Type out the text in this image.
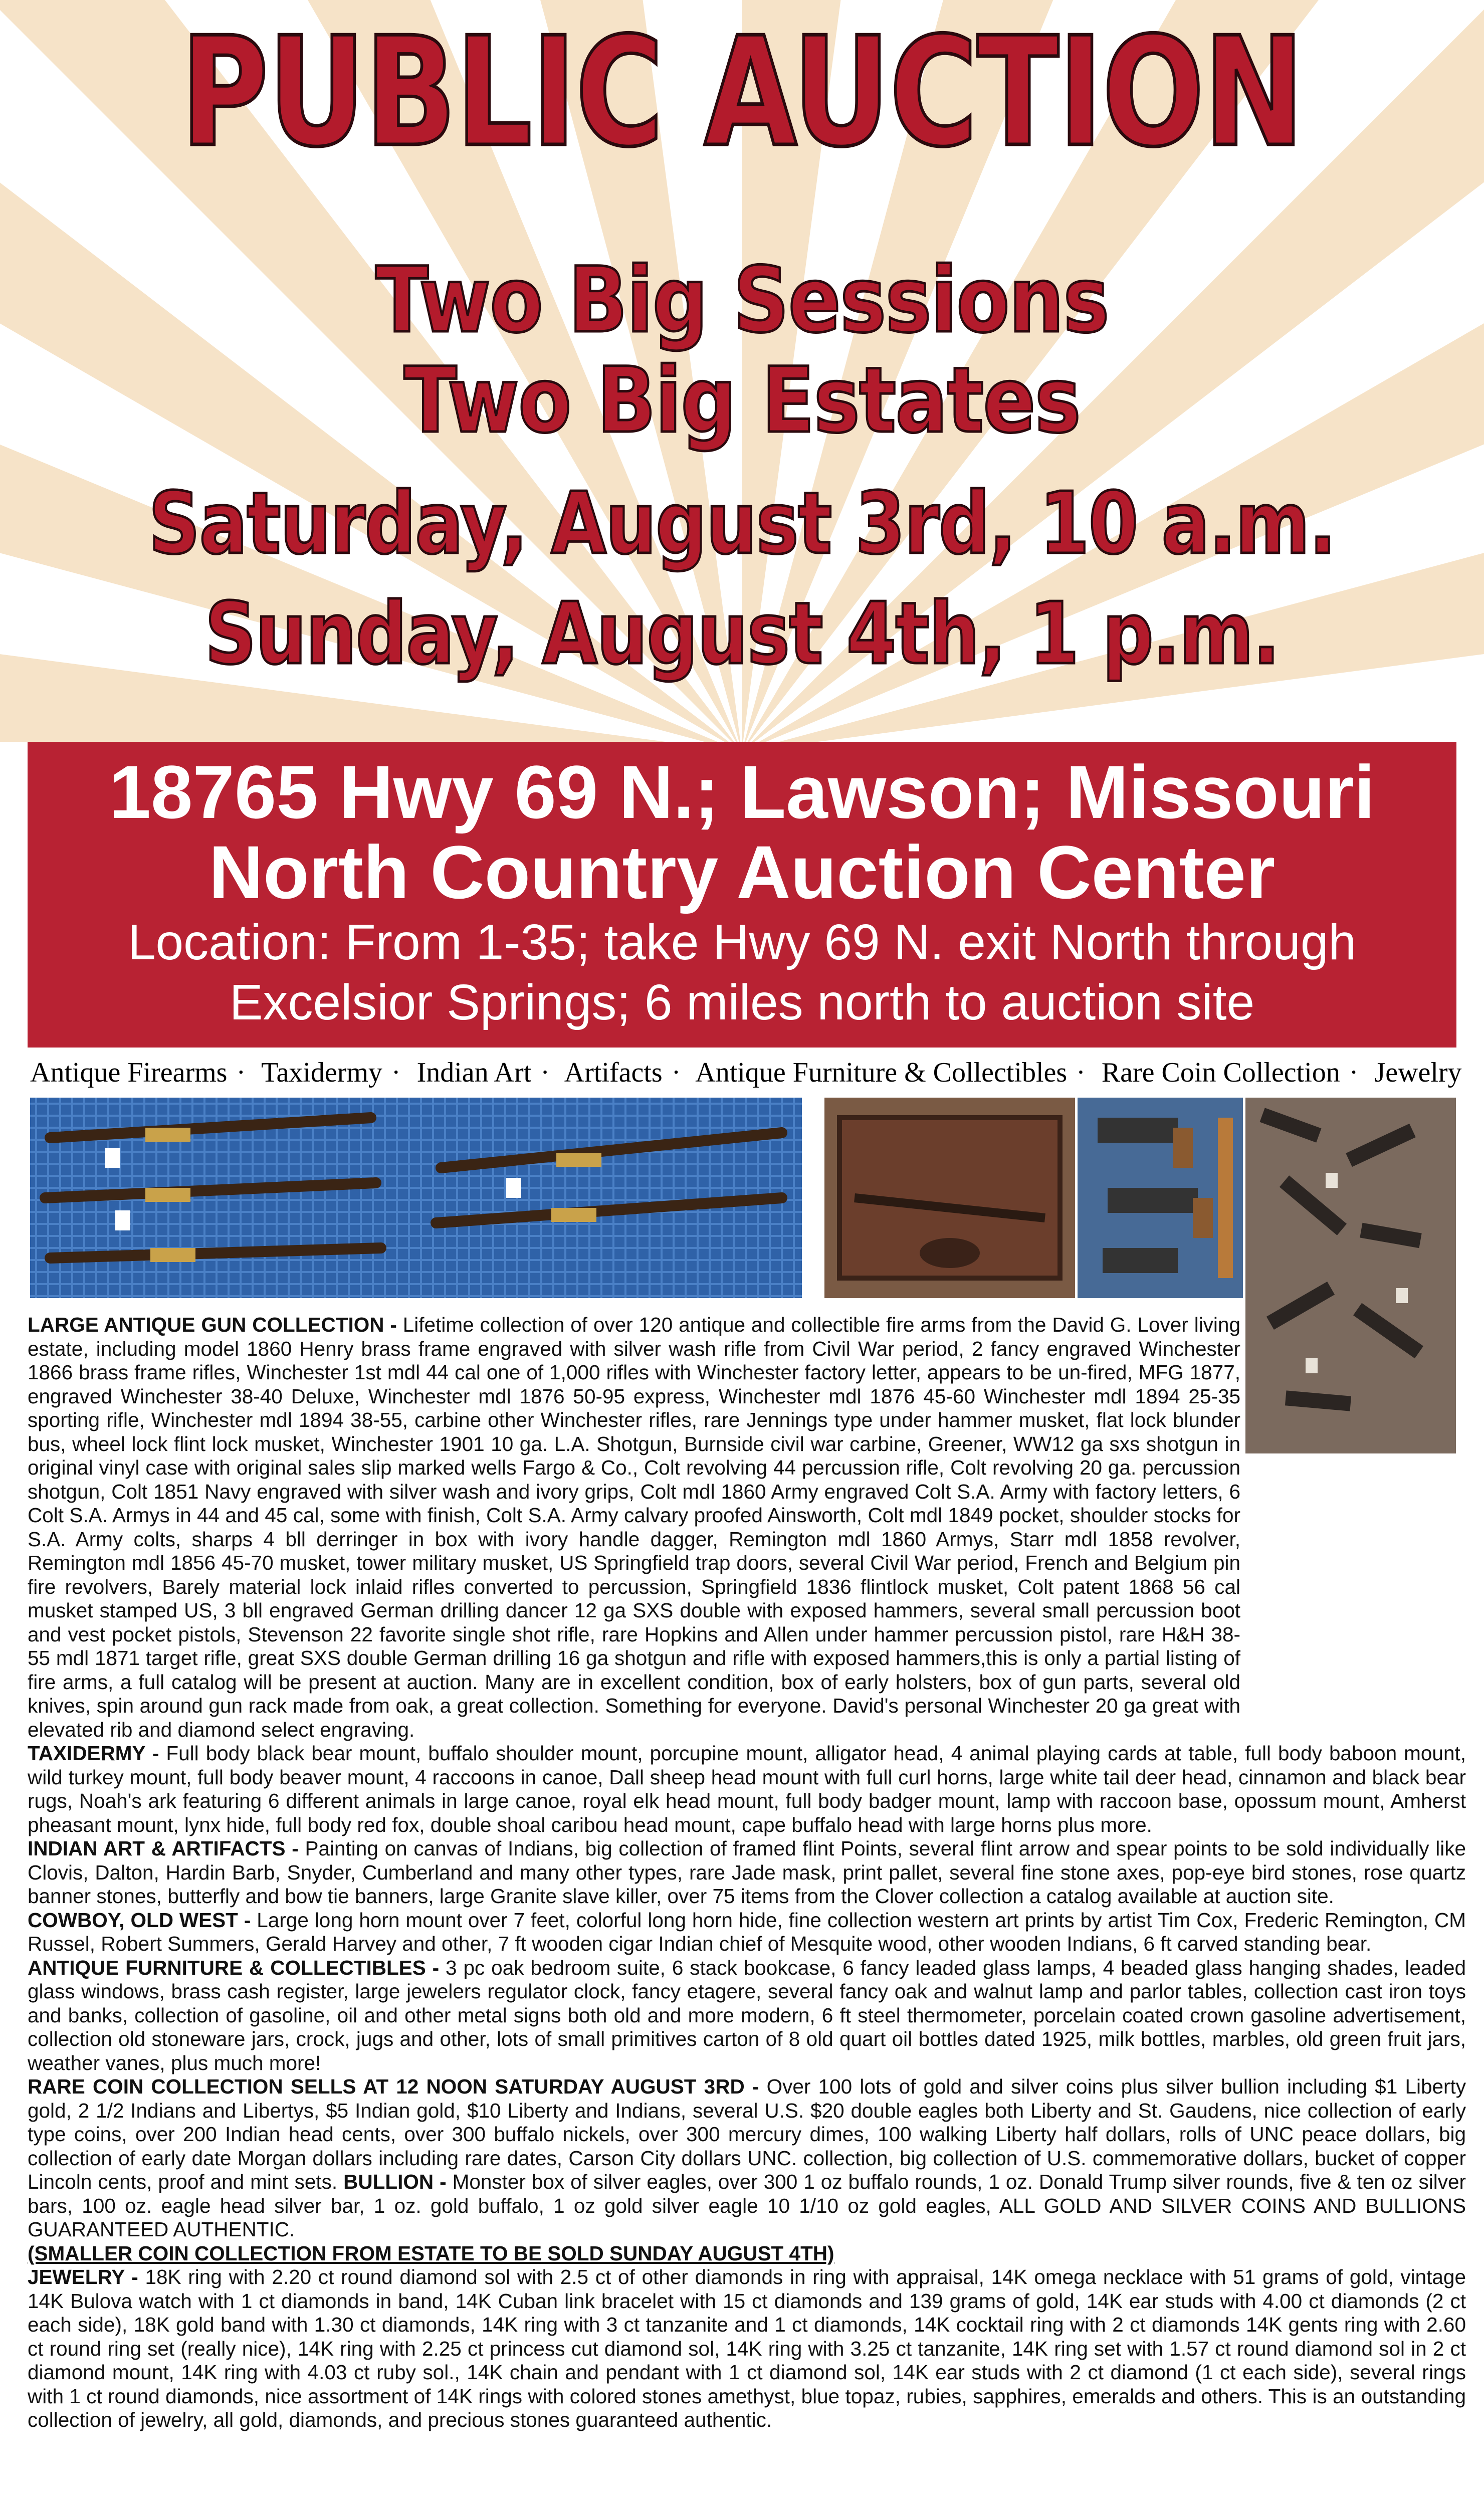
PUBLIC AUCTION
Two Big Sessions
Two Big Estates
Saturday, August 3rd, 10 a.m.
Sunday, August 4th, 1 p.m.
18765 Hwy 69 N.; Lawson; Missouri
North Country Auction Center
Location: From 1-35; take Hwy 69 N. exit North through
Excelsior Springs; 6 miles north to auction site
Antique Firearms · Taxidermy · Indian Art · Artifacts · Antique Furniture & Collectibles · Rare Coin Collection · Jewelry

LARGE ANTIQUE GUN COLLECTION - Lifetime collection of over 120 antique and collectible fire arms from the David G. Lover living estate, including model 1860 Henry brass frame engraved with silver wash rifle from Civil War period, 2 fancy engraved Winchester 1866 brass frame rifles, Winchester 1st mdl 44 cal one of 1,000 rifles with Winchester factory letter, appears to be un-fired, MFG 1877, engraved Winchester 38-40 Deluxe, Winchester mdl 1876 50-95 express, Winchester mdl 1876 45-60 Winchester mdl 1894 25-35 sporting rifle, Winchester mdl 1894 38-55, carbine other Winchester rifles, rare Jennings type under hammer musket, flat lock blunder bus, wheel lock flint lock musket, Winchester 1901 10 ga. L.A. Shotgun, Burnside civil war carbine, Greener, WW12 ga sxs shotgun in original vinyl case with original sales slip marked wells Fargo & Co., Colt revolving 44 percussion rifle, Colt revolving 20 ga. percussion shotgun, Colt 1851 Navy engraved with silver wash and ivory grips, Colt mdl 1860 Army engraved Colt S.A. Army with factory letters, 6 Colt S.A. Armys in 44 and 45 cal, some with finish, Colt S.A. Army calvary proofed Ainsworth, Colt mdl 1849 pocket, shoulder stocks for S.A. Army colts, sharps 4 bll derringer in box with ivory handle dagger, Remington mdl 1860 Armys, Starr mdl 1858 revolver, Remington mdl 1856 45-70 musket, tower military musket, US Springfield trap doors, several Civil War period, French and Belgium pin fire revolvers, Barely material lock inlaid rifles converted to percussion, Springfield 1836 flintlock musket, Colt patent 1868 56 cal musket stamped US, 3 bll engraved German drilling dancer 12 ga SXS double with exposed hammers, several small percussion boot and vest pocket pistols, Stevenson 22 favorite single shot rifle, rare Hopkins and Allen under hammer percussion pistol, rare H&H 38-55 mdl 1871 target rifle, great SXS double German drilling 16 ga shotgun and rifle with exposed hammers,this is only a partial listing of fire arms, a full catalog will be present at auction. Many are in excellent condition, box of early holsters, box of gun parts, several old knives, spin around gun rack made from oak, a great collection. Something for everyone. David's personal Winchester 20 ga great with elevated rib and diamond select engraving.

TAXIDERMY - Full body black bear mount, buffalo shoulder mount, porcupine mount, alligator head, 4 animal playing cards at table, full body baboon mount, wild turkey mount, full body beaver mount, 4 raccoons in canoe, Dall sheep head mount with full curl horns, large white tail deer head, cinnamon and black bear rugs, Noah's ark featuring 6 different animals in large canoe, royal elk head mount, full body badger mount, lamp with raccoon base, opossum mount, Amherst pheasant mount, lynx hide, full body red fox, double shoal caribou head mount, cape buffalo head with large horns plus more.

INDIAN ART & ARTIFACTS - Painting on canvas of Indians, big collection of framed flint Points, several flint arrow and spear points to be sold individually like Clovis, Dalton, Hardin Barb, Snyder, Cumberland and many other types, rare Jade mask, print pallet, several fine stone axes, pop-eye bird stones, rose quartz banner stones, butterfly and bow tie banners, large Granite slave killer, over 75 items from the Clover collection a catalog available at auction site.

COWBOY, OLD WEST - Large long horn mount over 7 feet, colorful long horn hide, fine collection western art prints by artist Tim Cox, Frederic Remington, CM Russel, Robert Summers, Gerald Harvey and other, 7 ft wooden cigar Indian chief of Mesquite wood, other wooden Indians, 6 ft carved standing bear.

ANTIQUE FURNITURE & COLLECTIBLES - 3 pc oak bedroom suite, 6 stack bookcase, 6 fancy leaded glass lamps, 4 beaded glass hanging shades, leaded glass windows, brass cash register, large jewelers regulator clock, fancy etagere, several fancy oak and walnut lamp and parlor tables, collection cast iron toys and banks, collection of gasoline, oil and other metal signs both old and more modern, 6 ft steel thermometer, porcelain coated crown gasoline advertisement, collection old stoneware jars, crock, jugs and other, lots of small primitives carton of 8 old quart oil bottles dated 1925, milk bottles, marbles, old green fruit jars, weather vanes, plus much more!

RARE COIN COLLECTION SELLS AT 12 NOON SATURDAY AUGUST 3RD - Over 100 lots of gold and silver coins plus silver bullion including $1 Liberty gold, 2 1/2 Indians and Libertys, $5 Indian gold, $10 Liberty and Indians, several U.S. $20 double eagles both Liberty and St. Gaudens, nice collection of early type coins, over 200 Indian head cents, over 300 buffalo nickels, over 300 mercury dimes, 100 walking Liberty half dollars, rolls of UNC peace dollars, big collection of early date Morgan dollars including rare dates, Carson City dollars UNC. collection, big collection of U.S. commemorative dollars, bucket of copper Lincoln cents, proof and mint sets. BULLION - Monster box of silver eagles, over 300 1 oz buffalo rounds, 1 oz. Donald Trump silver rounds, five & ten oz silver bars, 100 oz. eagle head silver bar, 1 oz. gold buffalo, 1 oz gold silver eagle 10 1/10 oz gold eagles, ALL GOLD AND SILVER COINS AND BULLIONS GUARANTEED AUTHENTIC.

(SMALLER COIN COLLECTION FROM ESTATE TO BE SOLD SUNDAY AUGUST 4TH)

JEWELRY - 18K ring with 2.20 ct round diamond sol with 2.5 ct of other diamonds in ring with appraisal, 14K omega necklace with 51 grams of gold, vintage 14K Bulova watch with 1 ct diamonds in band, 14K Cuban link bracelet with 15 ct diamonds and 139 grams of gold, 14K ear studs with 4.00 ct diamonds (2 ct each side), 18K gold band with 1.30 ct diamonds, 14K ring with 3 ct tanzanite and 1 ct diamonds, 14K cocktail ring with 2 ct diamonds 14K gents ring with 2.60 ct round ring set (really nice), 14K ring with 2.25 ct princess cut diamond sol, 14K ring with 3.25 ct tanzanite, 14K ring set with 1.57 ct round diamond sol in 2 ct diamond mount, 14K ring with 4.03 ct ruby sol., 14K chain and pendant with 1 ct diamond sol, 14K ear studs with 2 ct diamond (1 ct each side), several rings with 1 ct round diamonds, nice assortment of 14K rings with colored stones amethyst, blue topaz, rubies, sapphires, emeralds and others. This is an outstanding collection of jewelry, all gold, diamonds, and precious stones guaranteed authentic.
